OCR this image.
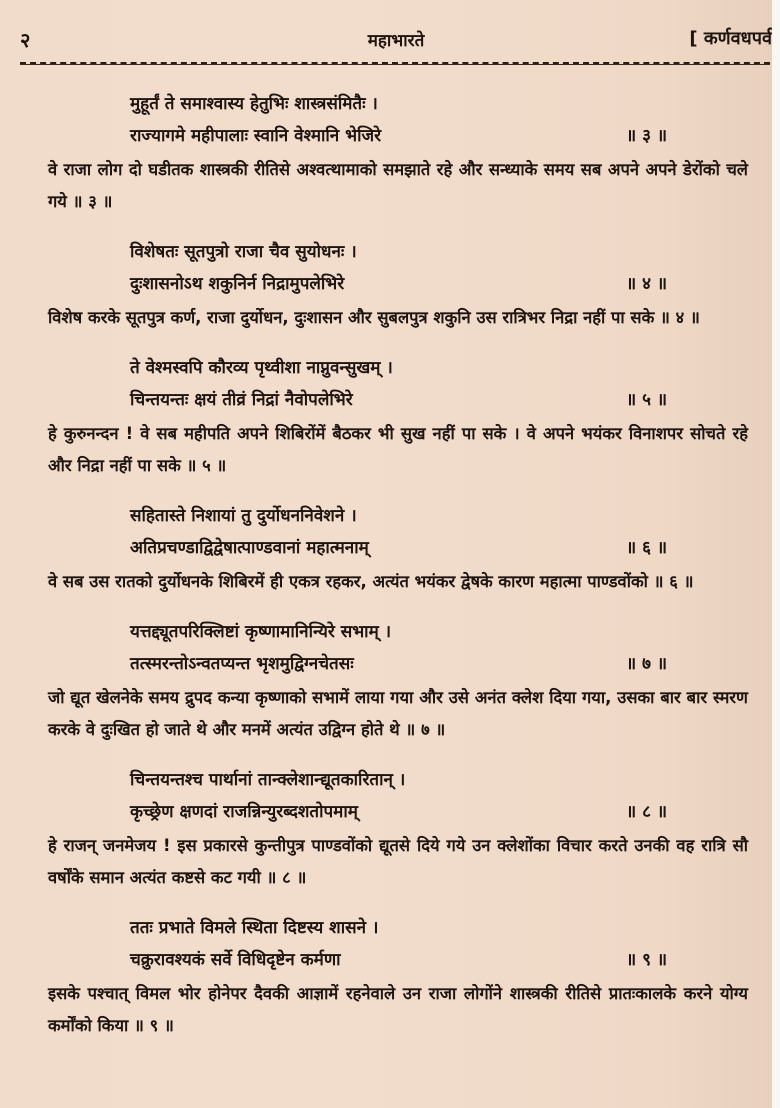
२	महाभारते	[ कर्णवधपर्व
मुहूर्तं ते समाश्वास्य हेतुभिः शास्त्रसंमितैः ।
राज्यागमे महीपालाः स्वानि वेश्मानि भेजिरे	॥ ३ ॥
वे राजा लोग दो घडीतक शास्त्रकी रीतिसे अश्वत्थामाको समझाते रहे और सन्ध्याके समय सब अपने अपने डेरोंको चले गये ॥ ३ ॥
विशेषतः सूतपुत्रो राजा चैव सुयोधनः ।
दुःशासनोऽथ शकुनिर्न निद्रामुपलेभिरे	॥ ४ ॥
विशेष करके सूतपुत्र कर्ण, राजा दुर्योधन, दुःशासन और सुबलपुत्र शकुनि उस रात्रिभर निद्रा नहीं पा सके ॥ ४ ॥
ते वेश्मस्वपि कौरव्य पृथ्वीशा नाप्नुवन्सुखम् ।
चिन्तयन्तः क्षयं तीव्रं निद्रां नैवोपलेभिरे	॥ ५ ॥
हे कुरुनन्दन ! वे सब महीपति अपने शिबिरोंमें बैठकर भी सुख नहीं पा सके । वे अपने भयंकर विनाशपर सोचते रहे और निद्रा नहीं पा सके ॥ ५ ॥
सहितास्ते निशायां तु दुर्योधननिवेशने ।
अतिप्रचण्डाद्विद्वेषात्पाण्डवानां महात्मनाम्	॥ ६ ॥
वे सब उस रातको दुर्योधनके शिबिरमें ही एकत्र रहकर, अत्यंत भयंकर द्वेषके कारण महात्मा पाण्डवोंको ॥ ६ ॥
यत्तद्द्यूतपरिक्लिष्टां कृष्णामानिन्यिरे सभाम् ।
तत्स्मरन्तोऽन्वतप्यन्त भृशमुद्विग्नचेतसः	॥ ७ ॥
जो द्यूत खेलनेके समय द्रुपद कन्या कृष्णाको सभामें लाया गया और उसे अनंत क्लेश दिया गया, उसका बार बार स्मरण करके वे दुःखित हो जाते थे और मनमें अत्यंत उद्विग्न होते थे ॥ ७ ॥
चिन्तयन्तश्च पार्थानां तान्क्लेशान्द्यूतकारितान् ।
कृच्छ्रेण क्षणदां राजन्निन्युरब्दशतोपमाम्	॥ ८ ॥
हे राजन् जनमेजय ! इस प्रकारसे कुन्तीपुत्र पाण्डवोंको द्यूतसे दिये गये उन क्लेशोंका विचार करते उनकी वह रात्रि सौ वर्षोंके समान अत्यंत कष्टसे कट गयी ॥ ८ ॥
ततः प्रभाते विमले स्थिता दिष्टस्य शासने ।
चक्रुरावश्यकं सर्वे विधिदृष्टेन कर्मणा	॥ ९ ॥
इसके पश्चात् विमल भोर होनेपर दैवकी आज्ञामें रहनेवाले उन राजा लोगोंने शास्त्रकी रीतिसे प्रातःकालके करने योग्य कर्मोंको किया ॥ ९ ॥
